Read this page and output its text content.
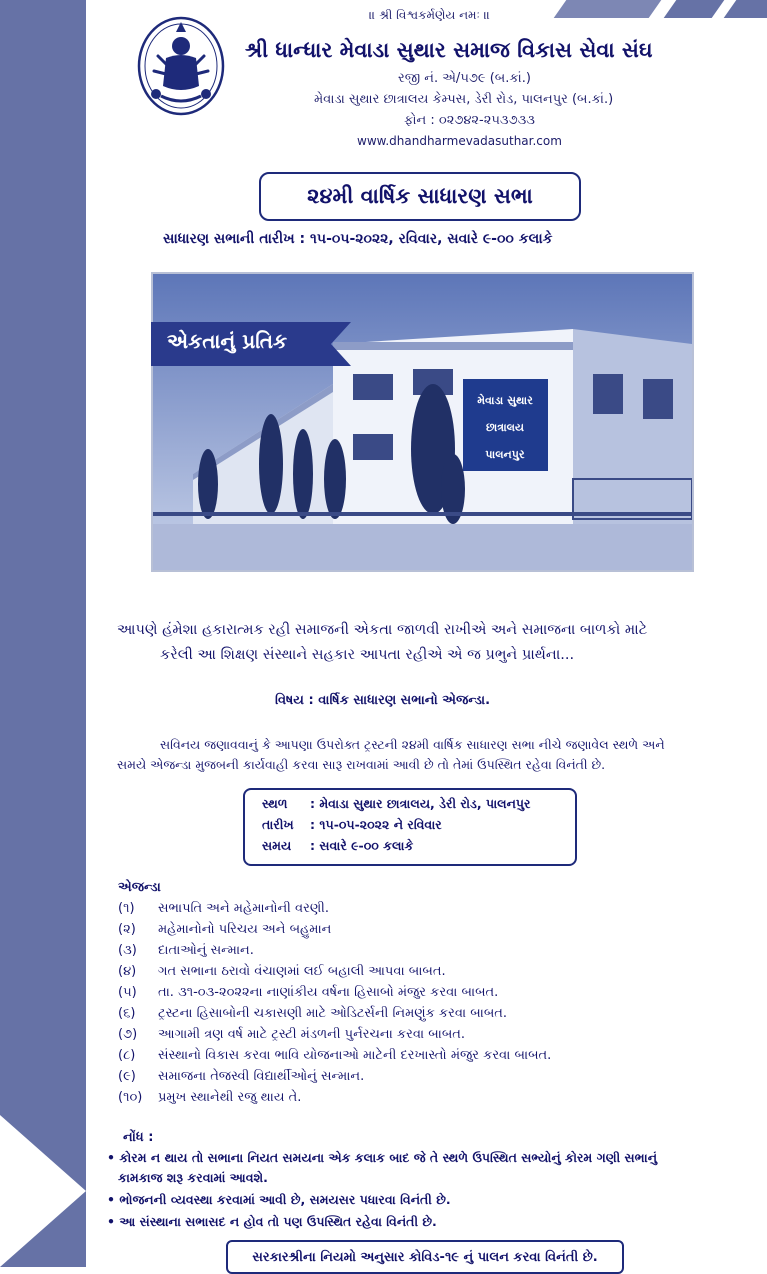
॥ શ્રી વિશ્વકર્મણેય નમઃ ॥
શ્રી ધાન્ધાર મેવાડા સુથાર સમાજ વિકાસ સેવા સંઘ
રજી નં. એ/૫૭૯ (બ.કાં.)
મેવાડા સુથાર છાત્રાલય કેમ્પસ, ડેરી રોડ, પાલનપુર (બ.કાં.)
ફોન : ૦૨૭૪૨-૨૫૩૭૩૩
www.dhandharmevadasuthar.com
૨૪મી વાર્ષિક સાધારણ સભા
સાધારણ સભાની તારીખ : ૧૫-૦૫-૨૦૨૨, રવિવાર, સવારે ૯-૦૦ કલાકે
મેવાડા સુથાર
છાત્રાલય
પાલનપુર
એકતાનું પ્રતિક
આપણે હંમેશા હકારાત્મક રહી સમાજની એકતા જાળવી રાખીએ અને સમાજના બાળકો માટે
કરેલી આ શિક્ષણ સંસ્થાને સહકાર આપતા રહીએ એ જ પ્રભુને પ્રાર્થના...
વિષય : વાર્ષિક સાધારણ સભાનો એજન્ડા.
સવિનય જણાવવાનું કે આપણા ઉપરોક્ત ટ્રસ્ટની ૨૪મી વાર્ષિક સાધારણ સભા નીચે જણાવેલ સ્થળે અને
સમયે એજન્ડા મુજબની કાર્યવાહી કરવા સારૂ રાખવામાં આવી છે તો તેમાં ઉપસ્થિત રહેવા વિનંતી છે.
સ્થળ : મેવાડા સુથાર છાત્રાલય, ડેરી રોડ, પાલનપુર
તારીખ : ૧૫-૦૫-૨૦૨૨ ને રવિવાર
સમય : સવારે ૯-૦૦ કલાકે
એજન્ડા
(૧) સભાપતિ અને મહેમાનોની વરણી.
(૨) મહેમાનોનો પરિચય અને બહુમાન
(૩) દાતાઓનું સન્માન.
(૪) ગત સભાના ઠરાવો વંચાણમાં લઈ બહાલી આપવા બાબત.
(૫) તા. ૩૧-૦૩-૨૦૨૨ના નાણાંકીય વર્ષના હિસાબો મંજુર કરવા બાબત.
(૬) ટ્રસ્ટના હિસાબોની ચકાસણી માટે ઓડિટર્સની નિમણુંક કરવા બાબત.
(૭) આગામી ત્રણ વર્ષ માટે ટ્રસ્ટી મંડળની પુર્નરચના કરવા બાબત.
(૮) સંસ્થાનો વિકાસ કરવા ભાવિ યોજનાઓ માટેની દરખાસ્તો મંજુર કરવા બાબત.
(૯) સમાજના તેજસ્વી વિદ્યાર્થીઓનું સન્માન.
(૧૦) પ્રમુખ સ્થાનેથી રજુ થાય તે.
નોંધ :
• કોરમ ન થાય તો સભાના નિયત સમયના એક કલાક બાદ જે તે સ્થળે ઉપસ્થિત સભ્યોનું કોરમ ગણી સભાનું
કામકાજ શરૂ કરવામાં આવશે.
• ભોજનની વ્યવસ્થા કરવામાં આવી છે, સમયસર પધારવા વિનંતી છે.
• આ સંસ્થાના સભાસદ ન હોવ તો પણ ઉપસ્થિત રહેવા વિનંતી છે.
સરકારશ્રીના નિયમો અનુસાર કોવિડ-૧૯ નું પાલન કરવા વિનંતી છે.
